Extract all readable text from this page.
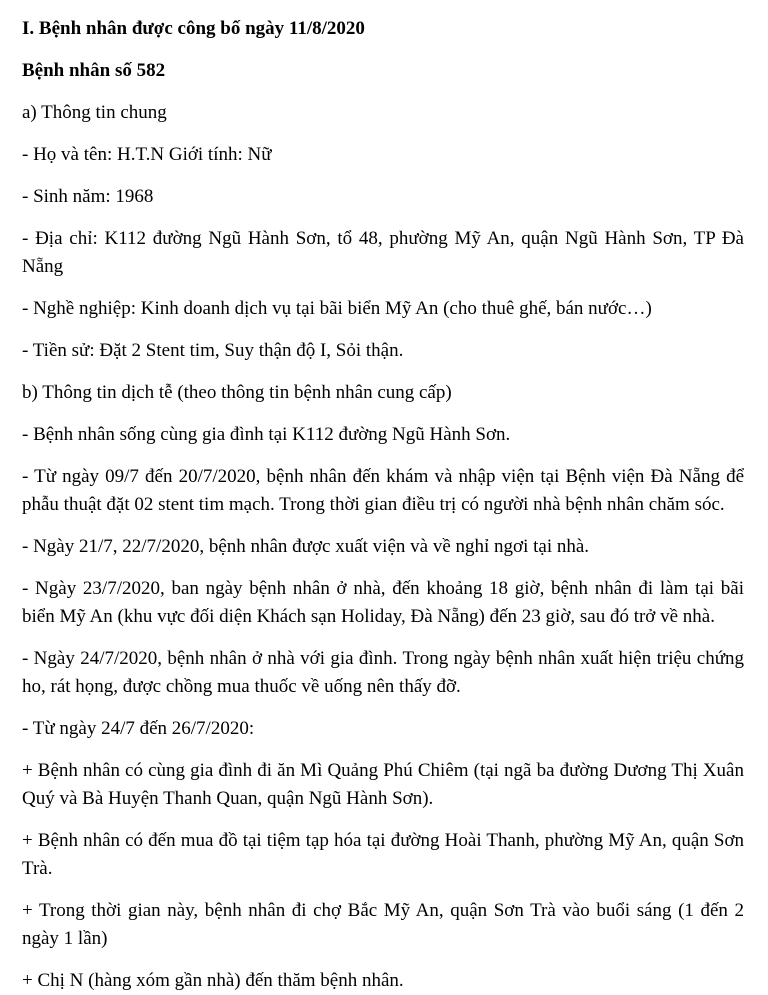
I. Bệnh nhân được công bố ngày 11/8/2020
Bệnh nhân số 582
a) Thông tin chung
- Họ và tên: H.T.N Giới tính: Nữ
- Sinh năm: 1968
- Địa chỉ: K112 đường Ngũ Hành Sơn, tổ 48, phường Mỹ An, quận Ngũ Hành Sơn, TP Đà Nẵng
- Nghề nghiệp: Kinh doanh dịch vụ tại bãi biển Mỹ An (cho thuê ghế, bán nước…)
- Tiền sử: Đặt 2 Stent tim, Suy thận độ I, Sỏi thận.
b) Thông tin dịch tễ (theo thông tin bệnh nhân cung cấp)
- Bệnh nhân sống cùng gia đình tại K112 đường Ngũ Hành Sơn.
- Từ ngày 09/7 đến 20/7/2020, bệnh nhân đến khám và nhập viện tại Bệnh viện Đà Nẵng để phẫu thuật đặt 02 stent tim mạch. Trong thời gian điều trị có người nhà bệnh nhân chăm sóc.
- Ngày 21/7, 22/7/2020, bệnh nhân được xuất viện và về nghỉ ngơi tại nhà.
- Ngày 23/7/2020, ban ngày bệnh nhân ở nhà, đến khoảng 18 giờ, bệnh nhân đi làm tại bãi biển Mỹ An (khu vực đối diện Khách sạn Holiday, Đà Nẵng) đến 23 giờ, sau đó trở về nhà.
- Ngày 24/7/2020, bệnh nhân ở nhà với gia đình. Trong ngày bệnh nhân xuất hiện triệu chứng ho, rát họng, được chồng mua thuốc về uống nên thấy đỡ.
- Từ ngày 24/7 đến 26/7/2020:
+ Bệnh nhân có cùng gia đình đi ăn Mì Quảng Phú Chiêm (tại ngã ba đường Dương Thị Xuân Quý và Bà Huyện Thanh Quan, quận Ngũ Hành Sơn).
+ Bệnh nhân có đến mua đồ tại tiệm tạp hóa tại đường Hoài Thanh, phường Mỹ An, quận Sơn Trà.
+ Trong thời gian này, bệnh nhân đi chợ Bắc Mỹ An, quận Sơn Trà vào buổi sáng (1 đến 2 ngày 1 lần)
+ Chị N (hàng xóm gần nhà) đến thăm bệnh nhân.
